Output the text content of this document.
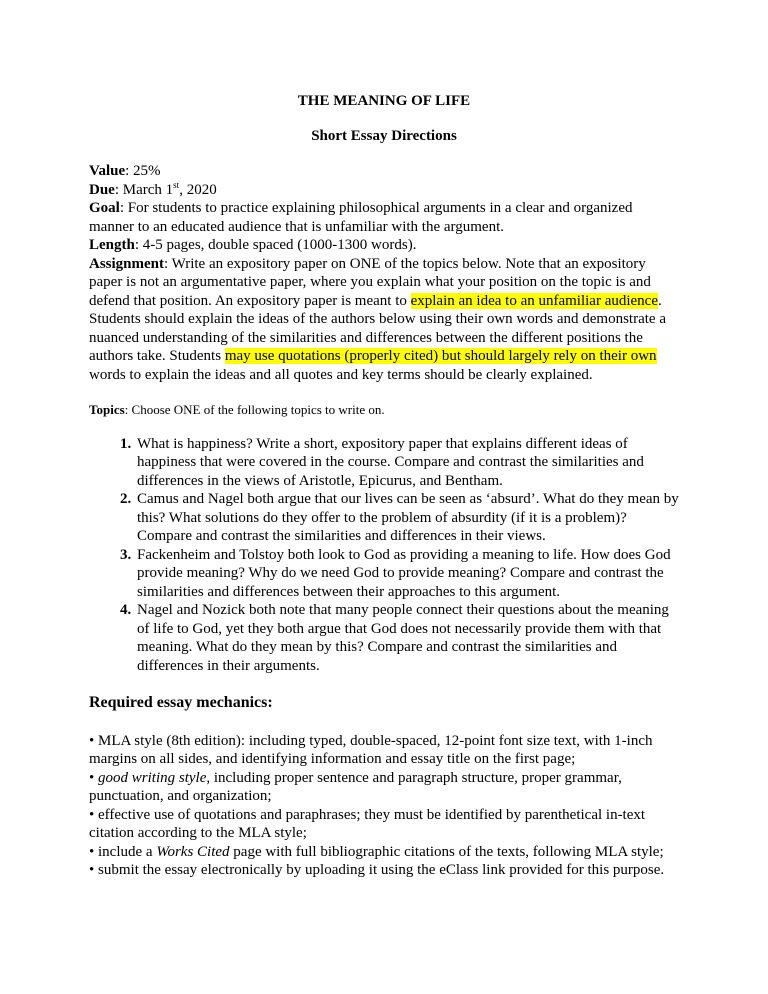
THE MEANING OF LIFE

Short Essay Directions

Value: 25%

Due: March 1st, 2020

Goal: For students to practice explaining philosophical arguments in a clear and organized manner to an educated audience that is unfamiliar with the argument.

Length: 4-5 pages, double spaced (1000-1300 words).

Assignment: Write an expository paper on ONE of the topics below. Note that an expository paper is not an argumentative paper, where you explain what your position on the topic is and defend that position. An expository paper is meant to explain an idea to an unfamiliar audience. Students should explain the ideas of the authors below using their own words and demonstrate a nuanced understanding of the similarities and differences between the different positions the authors take. Students may use quotations (properly cited) but should largely rely on their own words to explain the ideas and all quotes and key terms should be clearly explained.

Topics: Choose ONE of the following topics to write on.

1. What is happiness? Write a short, expository paper that explains different ideas of happiness that were covered in the course. Compare and contrast the similarities and differences in the views of Aristotle, Epicurus, and Bentham.
2. Camus and Nagel both argue that our lives can be seen as ‘absurd’. What do they mean by this? What solutions do they offer to the problem of absurdity (if it is a problem)? Compare and contrast the similarities and differences in their views.
3. Fackenheim and Tolstoy both look to God as providing a meaning to life. How does God provide meaning? Why do we need God to provide meaning? Compare and contrast the similarities and differences between their approaches to this argument.
4. Nagel and Nozick both note that many people connect their questions about the meaning of life to God, yet they both argue that God does not necessarily provide them with that meaning. What do they mean by this? Compare and contrast the similarities and differences in their arguments.

Required essay mechanics:

• MLA style (8th edition): including typed, double-spaced, 12-point font size text, with 1-inch margins on all sides, and identifying information and essay title on the first page;

• good writing style, including proper sentence and paragraph structure, proper grammar, punctuation, and organization;

• effective use of quotations and paraphrases; they must be identified by parenthetical in-text citation according to the MLA style;

• include a Works Cited page with full bibliographic citations of the texts, following MLA style;

• submit the essay electronically by uploading it using the eClass link provided for this purpose.
